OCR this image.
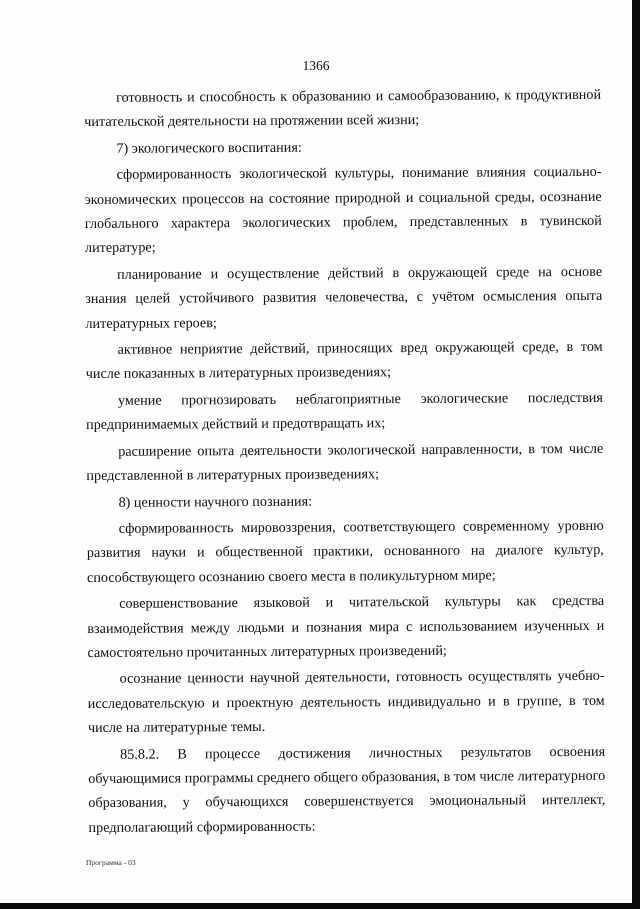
1366

готовность и способность к образованию и самообразованию, к продуктивной читательской деятельности на протяжении всей жизни;

7) экологического воспитания:

сформированность экологической культуры, понимание влияния социально-экономических процессов на состояние природной и социальной среды, осознание глобального характера экологических проблем, представленных в тувинской литературе;

планирование и осуществление действий в окружающей среде на основе знания целей устойчивого развития человечества, с учётом осмысления опыта литературных героев;

активное неприятие действий, приносящих вред окружающей среде, в том числе показанных в литературных произведениях;

умение прогнозировать неблагоприятные экологические последствия предпринимаемых действий и предотвращать их;

расширение опыта деятельности экологической направленности, в том числе представленной в литературных произведениях;

8) ценности научного познания:

сформированность мировоззрения, соответствующего современному уровню развития науки и общественной практики, основанного на диалоге культур, способствующего осознанию своего места в поликультурном мире;

совершенствование языковой и читательской культуры как средства взаимодействия между людьми и познания мира с использованием изученных и самостоятельно прочитанных литературных произведений;

осознание ценности научной деятельности, готовность осуществлять учебно-исследовательскую и проектную деятельность индивидуально и в группе, в том числе на литературные темы.

85.8.2. В процессе достижения личностных результатов освоения обучающимися программы среднего общего образования, в том числе литературного образования, у обучающихся совершенствуется эмоциональный интеллект, предполагающий сформированность:

Программа - 03
